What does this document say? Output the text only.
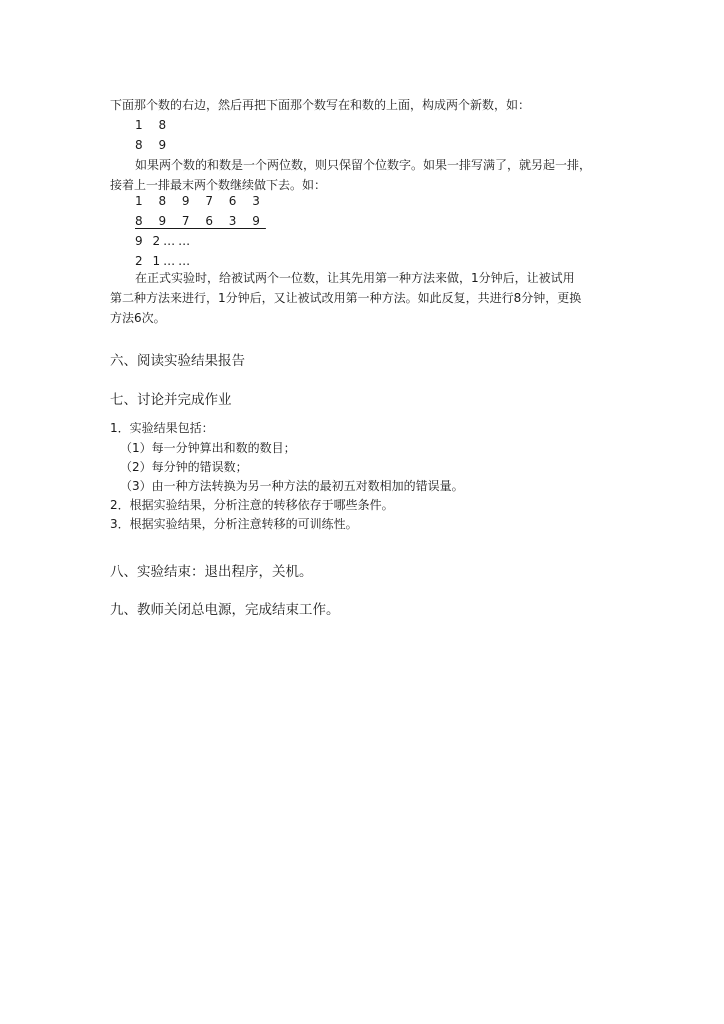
下面那个数的右边，然后再把下面那个数写在和数的上面，构成两个新数，如：
1 8
8 9
如果两个数的和数是一个两位数，则只保留个位数字。如果一排写满了，就另起一排，
接着上一排最末两个数继续做下去。如：
1 8 9 7 6 3
8 9 7 6 3 9
9 2……
2 1……
在正式实验时，给被试两个一位数，让其先用第一种方法来做，1分钟后，让被试用
第二种方法来进行，1分钟后，又让被试改用第一种方法。如此反复，共进行8分钟，更换
方法6次。
六、阅读实验结果报告
七、讨论并完成作业
1．实验结果包括：
（1）每一分钟算出和数的数目；
（2）每分钟的错误数；
（3）由一种方法转换为另一种方法的最初五对数相加的错误量。
2．根据实验结果，分析注意的转移依存于哪些条件。
3．根据实验结果，分析注意转移的可训练性。
八、实验结束：退出程序，关机。
九、教师关闭总电源，完成结束工作。
